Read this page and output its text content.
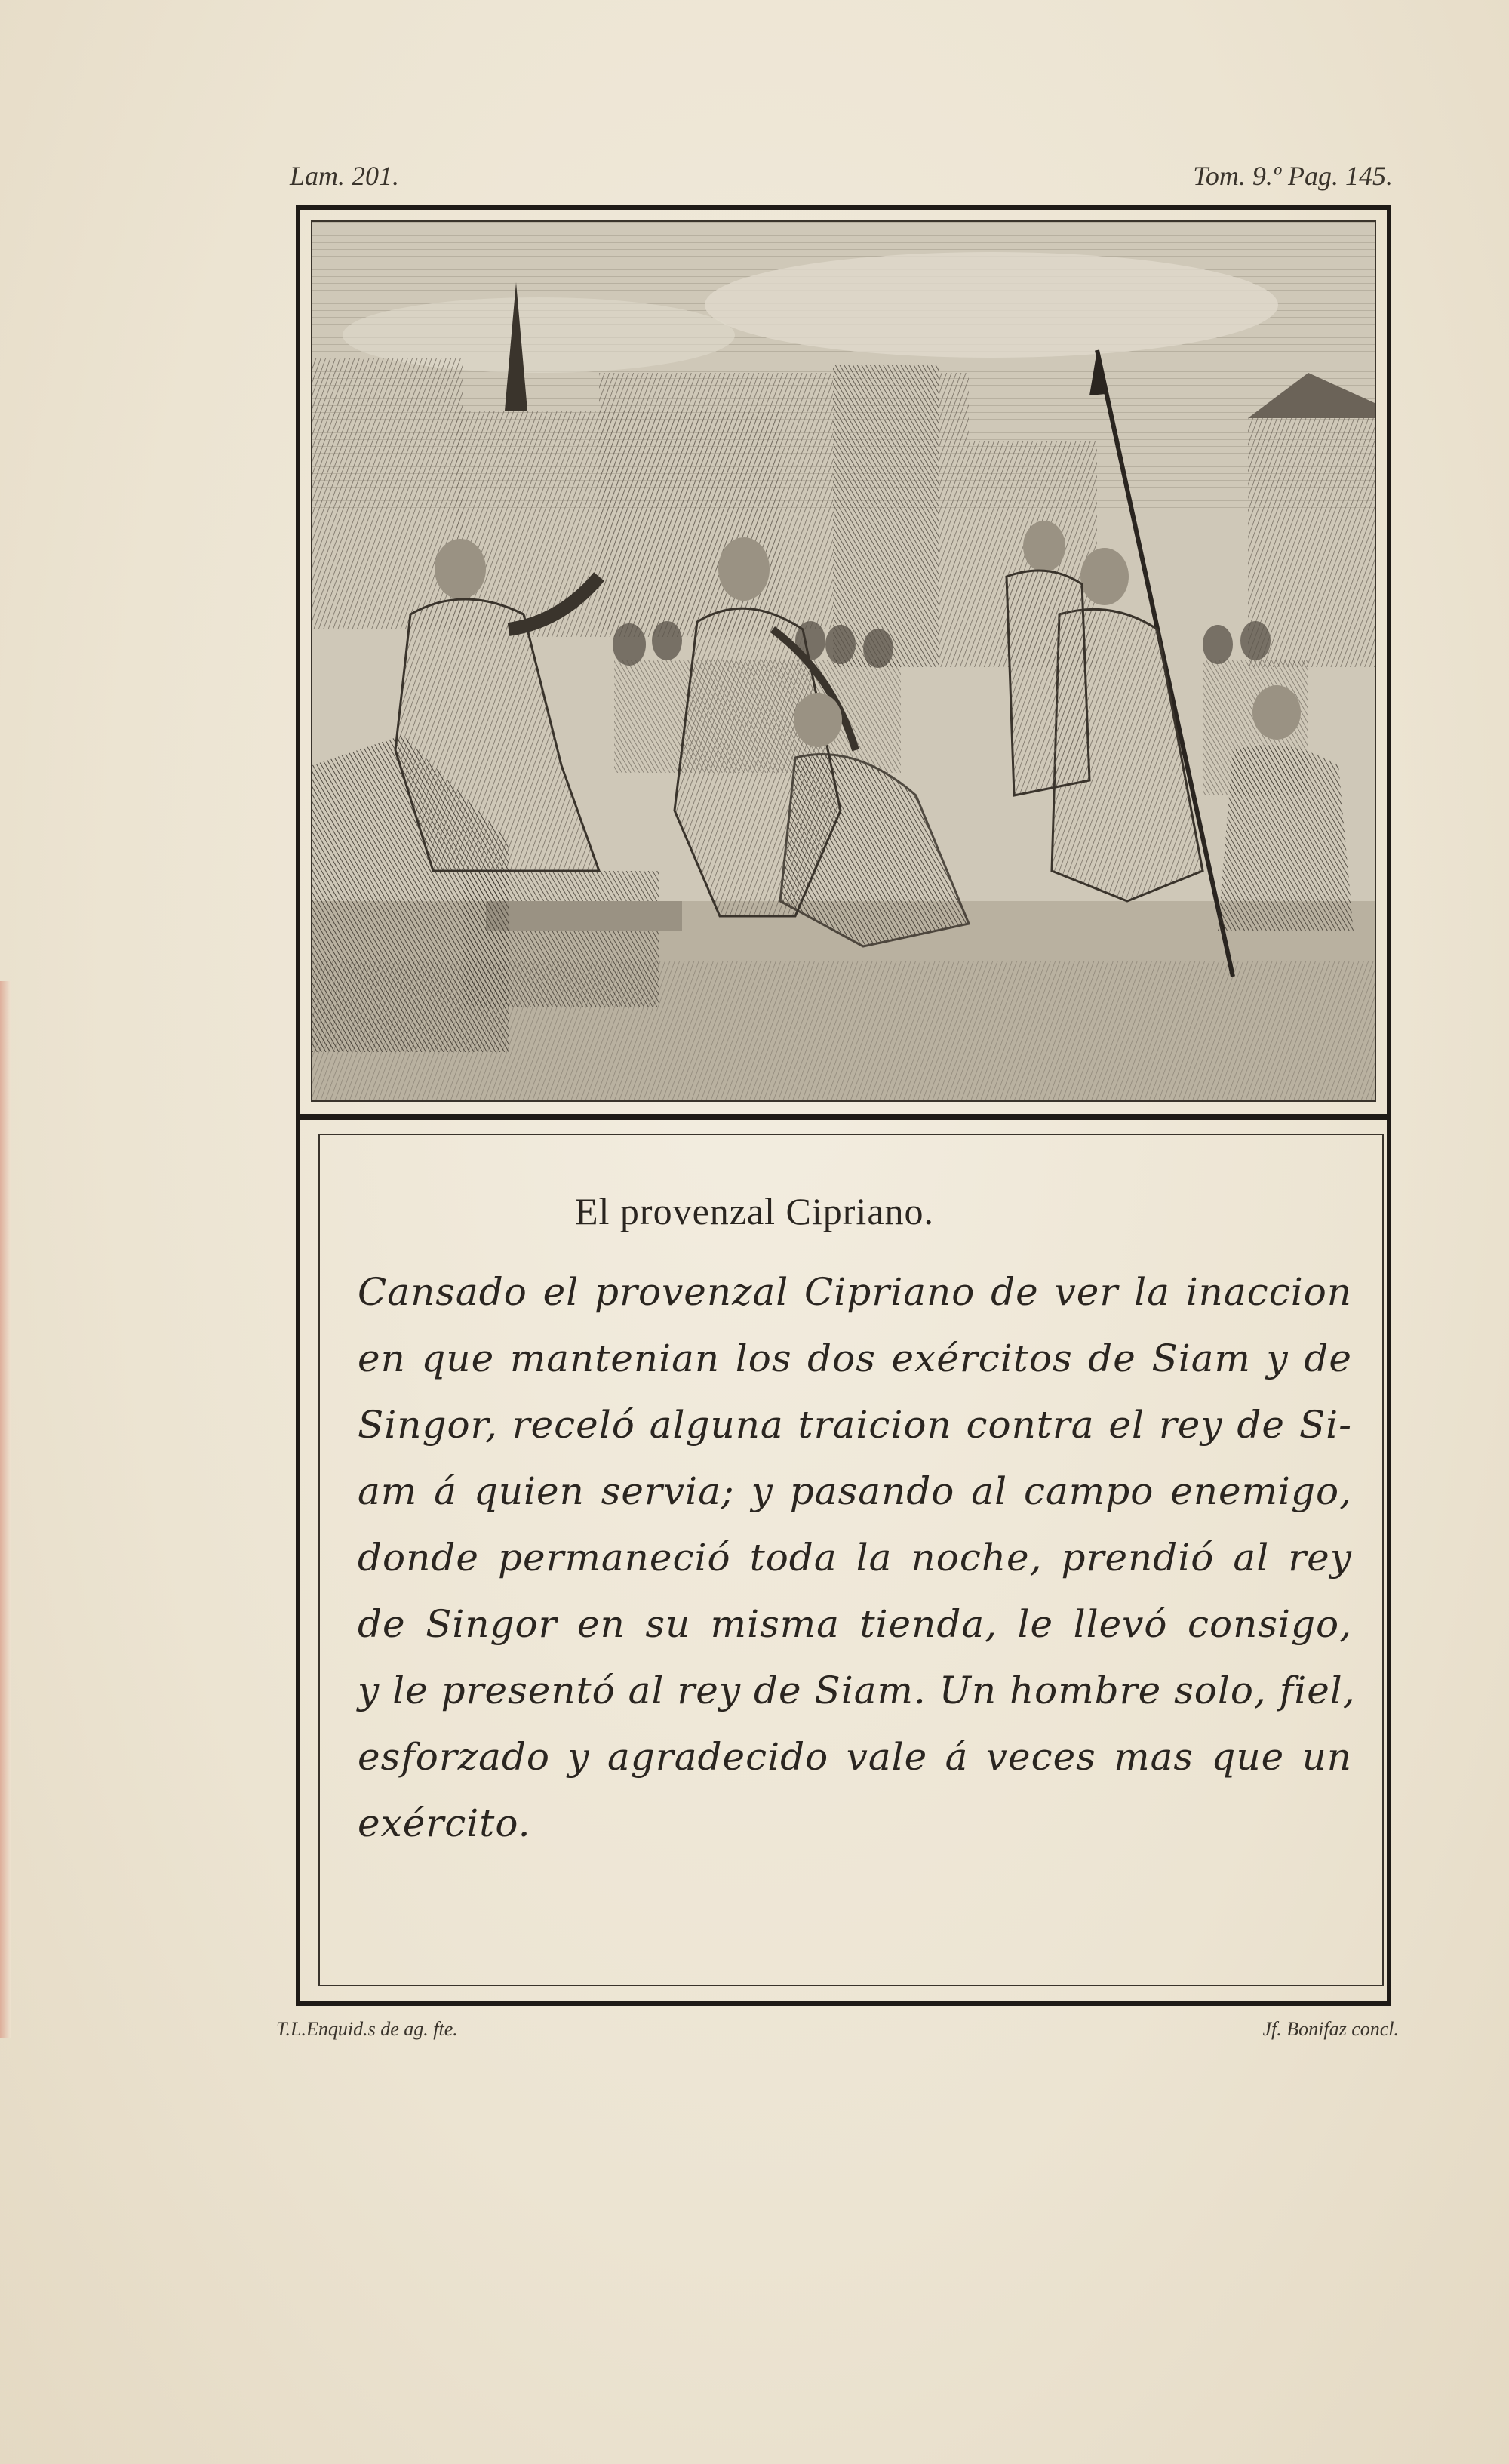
Lam. 201.	Tom. 9.º Pag. 145.
El provenzal Cipriano.
Cansado el provenzal Cipriano de ver la inaccion
en que mantenian los dos exércitos de Siam y de
Singor, receló alguna traicion contra el rey de Si-
am á quien servia; y pasando al campo enemigo,
donde permaneció toda la noche, prendió al rey
de Singor en su misma tienda, le llevó consigo,
y le presentó al rey de Siam. Un hombre solo, fiel,
esforzado y agradecido vale á veces mas que un
exército.
T.L.Enquid.s de ag. fte.	Jf. Bonifaz concl.
